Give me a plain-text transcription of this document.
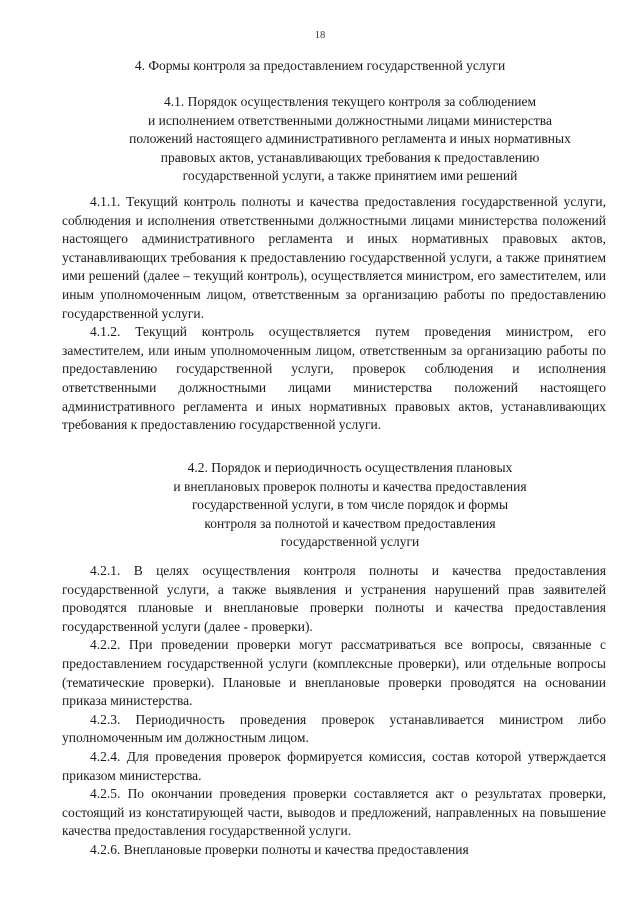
18
4. Формы контроля за предоставлением государственной услуги
4.1. Порядок осуществления текущего контроля за соблюдением
и исполнением ответственными должностными лицами министерства
положений настоящего административного регламента и иных нормативных
правовых актов, устанавливающих требования к предоставлению
государственной услуги, а также принятием ими решений

4.1.1. Текущий контроль полноты и качества предоставления государственной услуги, соблюдения и исполнения ответственными должностными лицами министерства положений настоящего административного регламента и иных нормативных правовых актов, устанавливающих требования к предоставлению государственной услуги, а также принятием ими решений (далее – текущий контроль), осуществляется министром, его заместителем, или иным уполномоченным лицом, ответственным за организацию работы по предоставлению государственной услуги.

4.1.2. Текущий контроль осуществляется путем проведения министром, его заместителем, или иным уполномоченным лицом, ответственным за организацию работы по предоставлению государственной услуги, проверок соблюдения и исполнения ответственными должностными лицами министерства положений настоящего административного регламента и иных нормативных правовых актов, устанавливающих требования к предоставлению государственной услуги.

4.2. Порядок и периодичность осуществления плановых
и внеплановых проверок полноты и качества предоставления
государственной услуги, в том числе порядок и формы
контроля за полнотой и качеством предоставления
государственной услуги

4.2.1. В целях осуществления контроля полноты и качества предоставления государственной услуги, а также выявления и устранения нарушений прав заявителей проводятся плановые и внеплановые проверки полноты и качества предоставления государственной услуги (далее - проверки).

4.2.2. При проведении проверки могут рассматриваться все вопросы, связанные с предоставлением государственной услуги (комплексные проверки), или отдельные вопросы (тематические проверки). Плановые и внеплановые проверки проводятся на основании приказа министерства.

4.2.3. Периодичность проведения проверок устанавливается министром либо уполномоченным им должностным лицом.

4.2.4. Для проведения проверок формируется комиссия, состав которой утверждается приказом министерства.

4.2.5. По окончании проведения проверки составляется акт о результатах проверки, состоящий из констатирующей части, выводов и предложений, направленных на повышение качества предоставления государственной услуги.

4.2.6. Внеплановые проверки полноты и качества предоставления
